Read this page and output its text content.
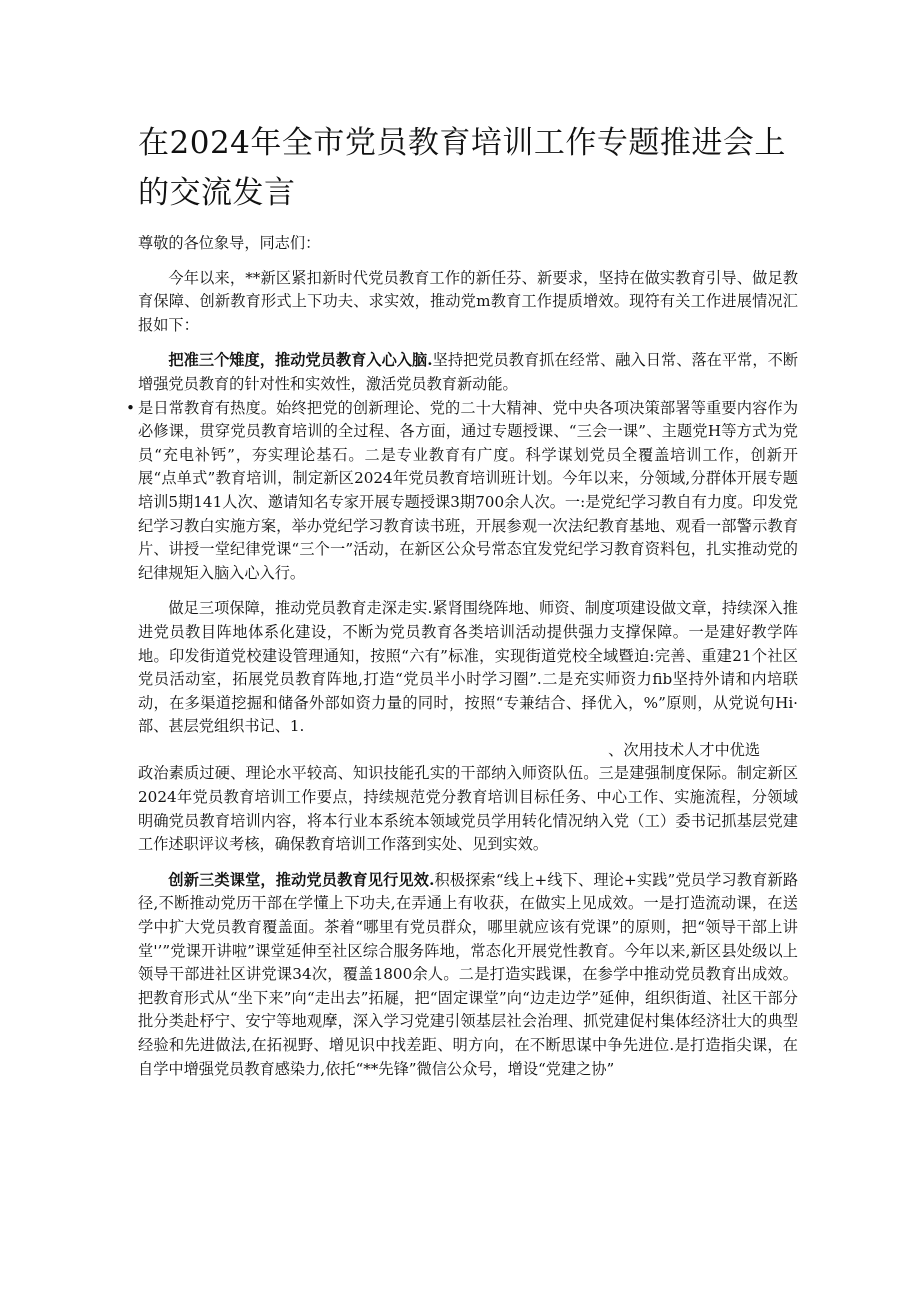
在2024年全市党员教育培训工作专题推进会上的交流发言

尊敬的各位象导，同志们：

今年以来，**新区紧扣新时代党员教育工作的新任芬、新要求，坚持在做实教育引导、做足教育保障、创新教育形式上下功夫、求实效，推动党m教育工作提质增效。现符有关工作进展情况汇报如下：

把准三个雉度，推动党员教育入心入脑.坚持把党员教育抓在经常、融入日常、落在平常，不断增强党员教育的针对性和实效性，激活党员教育新动能。

• 是日常教育有热度。始终把党的创新理论、党的二十大精神、党中央各项决策部署等重要内容作为必修课，贯穿党员教育培训的全过程、各方面，通过专题授课、“三会一课”、主题党H等方式为党员“充电补钙”，夯实理论基石。二是专业教育有广度。科学谋划党员全覆盖培训工作，创新开展“点单式”教育培训，制定新区2024年党员教育培训班计划。今年以来，分领域,分群体开展专题培训5期141人次、邀请知名专家开展专题授课3期700余人次。一:是党纪学习教自有力度。印发党纪学习教白实施方案，举办党纪学习教育读书班，开展参观一次法纪教育基地、观看一部警示教育片、讲授一堂纪律党课“三个一”活动，在新区公众号常态宜发党纪学习教育资料包，扎实推动党的纪律规矩入脑入心入行。

做足三项保障，推动党员教育走深走实.紧肾围绕阵地、师资、制度项建设做文章，持续深入推进党员教目阵地体系化建设，不断为党员教育各类培训活动提供强力支撑保障。一是建好教学阵地。印发街道党校建设管理通知，按照“六有”标准，实现街道党校全域暨迫:完善、重建21个社区党员活动室，拓展党员教育阵地,打造“党员半小时学习圈”.二是充实师资力fib坚持外请和内培联动，在多渠道挖掘和储备外部如资力量的同时，按照“专兼结合、择优入，%”原则，从党说句Hi·部、甚层党组织书记、1.

、次用技术人才中优选

政治素质过硬、理论水平较高、知识技能孔实的干部纳入师资队伍。三是建强制度保际。制定新区2024年党员教育培训工作要点，持续规范党分教育培训目标任务、中心工作、实施流程，分领域明确党员教育培训内容，将本行业本系统本领域党员学用转化情况纳入党（工）委书记抓基层党建工作述职评议考核，确保教育培训工作落到实处、见到实效。

创新三类课堂，推动党员教育见行见效.积极探索“线上+线下、理论+实践”党员学习教育新路径,不断推动党历干部在学懂上下功夫,在弄通上有收获，在做实上见成效。一是打造流动课，在送学中扩大党员教育覆盖面。茶着“哪里有党员群众，哪里就应该有党课”的原则，把“领导干部上讲堂'’”党课开讲啦”课堂延伸至社区综合服务阵地，常态化开展党性教育。今年以来,新区县处级以上领导干部进社区讲党课34次，覆盖1800余人。二是打造实践课，在参学中推动党员教育出成效。把教育形式从“坐下来”向“走出去”拓屣，把“固定课堂”向“边走边学”延伸，组织街道、社区干部分批分类赴杼宁、安宁等地观摩，深入学习党建引领基层社会治理、抓党建促村集体经济壮大的典型经验和先进做法,在拓视野、增见识中找差距、明方向，在不断思谋中争先进位.是打造指尖课，在自学中增强党员教育感染力,依托“**先锋”微信公众号，增设“党建之协”
